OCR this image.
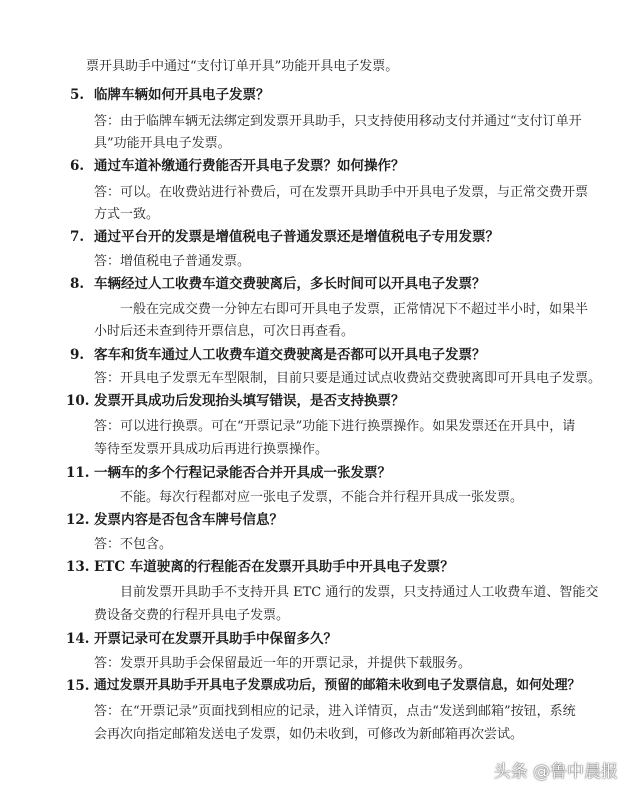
票开具助手中通过“支付订单开具”功能开具电子发票。
5. 临牌车辆如何开具电子发票？
答：由于临牌车辆无法绑定到发票开具助手，只支持使用移动支付并通过“支付订单开
具”功能开具电子发票。
6. 通过车道补缴通行费能否开具电子发票？如何操作？
答：可以。在收费站进行补费后，可在发票开具助手中开具电子发票，与正常交费开票
方式一致。
7. 通过平台开的发票是增值税电子普通发票还是增值税电子专用发票？
答：增值税电子普通发票。
8. 车辆经过人工收费车道交费驶离后，多长时间可以开具电子发票？
一般在完成交费一分钟左右即可开具电子发票，正常情况下不超过半小时，如果半
小时后还未查到待开票信息，可次日再查看。
9. 客车和货车通过人工收费车道交费驶离是否都可以开具电子发票？
答：开具电子发票无车型限制，目前只要是通过试点收费站交费驶离即可开具电子发票。
10. 发票开具成功后发现抬头填写错误，是否支持换票？
答：可以进行换票。可在“开票记录”功能下进行换票操作。如果发票还在开具中，请
等待至发票开具成功后再进行换票操作。
11. 一辆车的多个行程记录能否合并开具成一张发票？
不能。每次行程都对应一张电子发票，不能合并行程开具成一张发票。
12. 发票内容是否包含车牌号信息？
答：不包含。
13. ETC 车道驶离的行程能否在发票开具助手中开具电子发票？
目前发票开具助手不支持开具 ETC 通行的发票，只支持通过人工收费车道、智能交
费设备交费的行程开具电子发票。
14. 开票记录可在发票开具助手中保留多久？
答：发票开具助手会保留最近一年的开票记录，并提供下载服务。
15. 通过发票开具助手开具电子发票成功后，预留的邮箱未收到电子发票信息，如何处理？
答：在“开票记录”页面找到相应的记录，进入详情页，点击“发送到邮箱”按钮，系统
会再次向指定邮箱发送电子发票，如仍未收到，可修改为新邮箱再次尝试。
头条 @鲁中晨报
